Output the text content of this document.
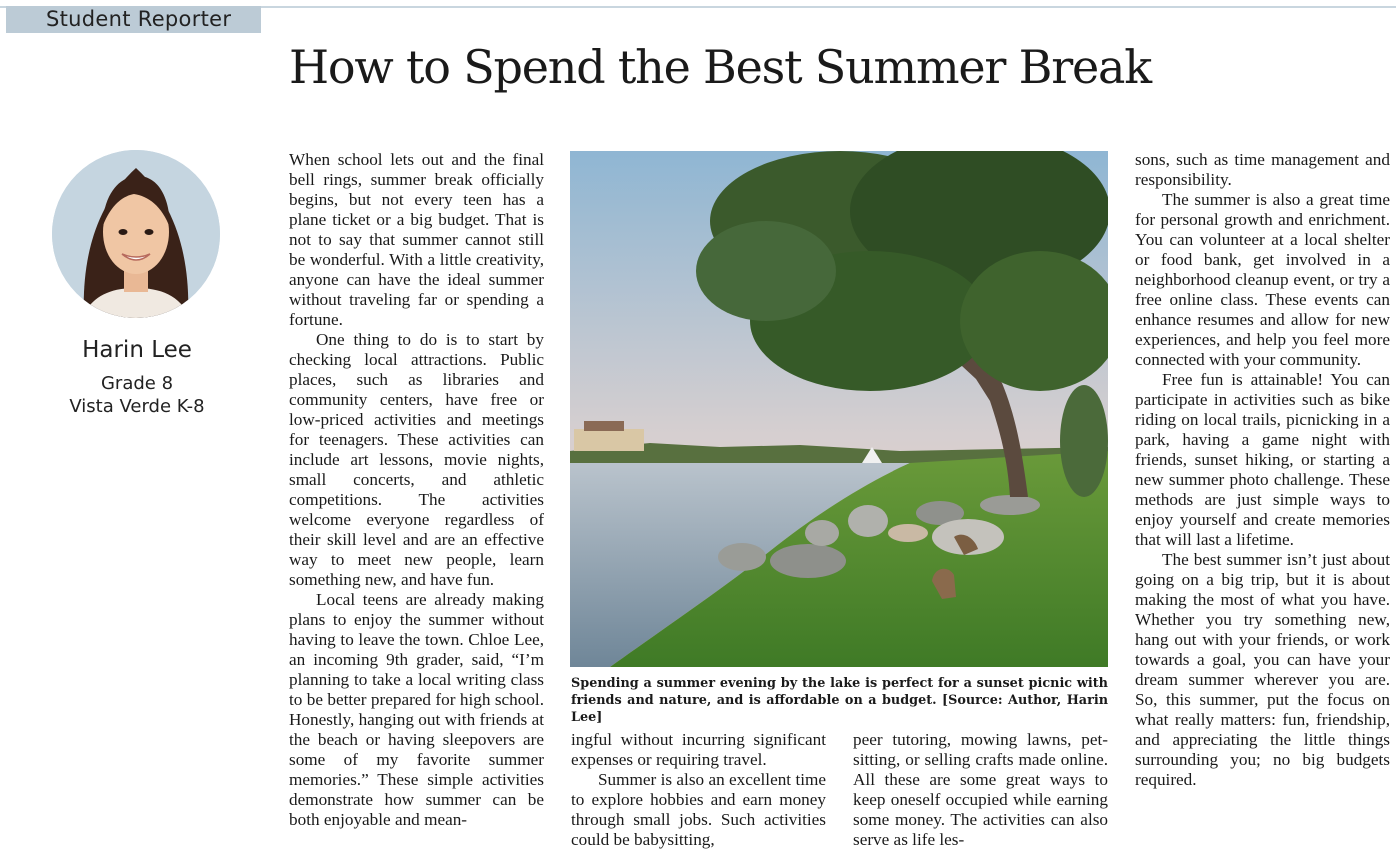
Student Reporter
How to Spend the Best Summer Break
Harin Lee
Grade 8
Vista Verde K-8

When school lets out and the final bell rings, summer break officially begins, but not every teen has a plane ticket or a big budget. That is not to say that summer cannot still be wonderful. With a little creativity, anyone can have the ideal summer without traveling far or spending a fortune.

One thing to do is to start by checking local attractions. Public places, such as libraries and community centers, have free or low-priced activities and meetings for teenagers. These activities can include art lessons, movie nights, small concerts, and athletic competitions. The activities welcome everyone regardless of their skill level and are an effective way to meet new people, learn something new, and have fun.

Local teens are already making plans to enjoy the summer without having to leave the town. Chloe Lee, an incoming 9th grader, said, “I’m planning to take a local writing class to be better prepared for high school. Honestly, hanging out with friends at the beach or having sleepovers are some of my favorite summer memories.” These simple activities demonstrate how summer can be both enjoyable and mean-

Spending a summer evening by the lake is perfect for a sunset picnic with friends and nature, and is affordable on a budget. [Source: Author, Harin Lee]

ingful without incurring significant expenses or requiring travel.

Summer is also an excellent time to explore hobbies and earn money through small jobs. Such activities could be babysitting,

peer tutoring, mowing lawns, pet-sitting, or selling crafts made online. All these are some great ways to keep oneself occupied while earning some money. The activities can also serve as life les-

sons, such as time management and responsibility.

The summer is also a great time for personal growth and enrichment. You can volunteer at a local shelter or food bank, get involved in a neighborhood cleanup event, or try a free online class. These events can enhance resumes and allow for new experiences, and help you feel more connected with your community.

Free fun is attainable! You can participate in activities such as bike riding on local trails, picnicking in a park, having a game night with friends, sunset hiking, or starting a new summer photo challenge. These methods are just simple ways to enjoy yourself and create memories that will last a lifetime.

The best summer isn’t just about going on a big trip, but it is about making the most of what you have. Whether you try something new, hang out with your friends, or work towards a goal, you can have your dream summer wherever you are. So, this summer, put the focus on what really matters: fun, friendship, and appreciating the little things surrounding you; no big budgets required.
